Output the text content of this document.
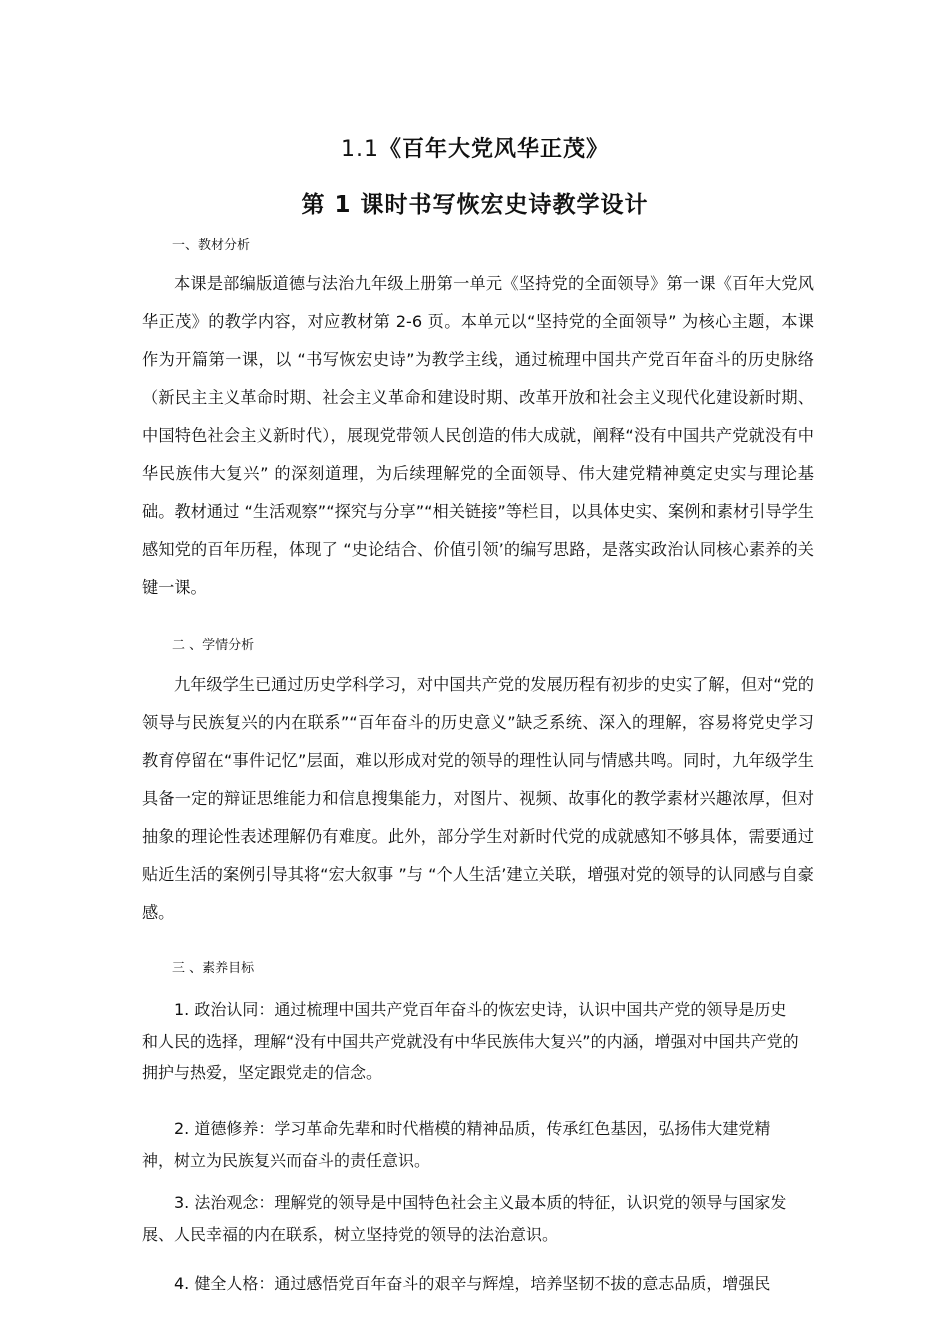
1.1《百年大党风华正茂》
第 1 课时书写恢宏史诗教学设计
一、教材分析

本课是部编版道德与法治九年级上册第一单元《坚持党的全面领导》第一课《百年大党风华正茂》的教学内容，对应教材第 2-6 页。本单元以“坚持党的全面领导” 为核心主题，本课作为开篇第一课，以 “书写恢宏史诗”为教学主线，通过梳理中国共产党百年奋斗的历史脉络（新民主主义革命时期、社会主义革命和建设时期、改革开放和社会主义现代化建设新时期、中国特色社会主义新时代），展现党带领人民创造的伟大成就，阐释“没有中国共产党就没有中华民族伟大复兴” 的深刻道理，为后续理解党的全面领导、伟大建党精神奠定史实与理论基础。教材通过 “生活观察”“探究与分享”“相关链接”等栏目，以具体史实、案例和素材引导学生感知党的百年历程，体现了 “史论结合、价值引领’的编写思路，是落实政治认同核心素养的关键一课。

二 、学情分析

九年级学生已通过历史学科学习，对中国共产党的发展历程有初步的史实了解，但对“党的领导与民族复兴的内在联系”“百年奋斗的历史意义”缺乏系统、深入的理解，容易将党史学习教育停留在“事件记忆”层面，难以形成对党的领导的理性认同与情感共鸣。同时，九年级学生具备一定的辩证思维能力和信息搜集能力，对图片、视频、故事化的教学素材兴趣浓厚，但对抽象的理论性表述理解仍有难度。此外，部分学生对新时代党的成就感知不够具体，需要通过贴近生活的案例引导其将“宏大叙事 ”与 “个人生活’建立关联，增强对党的领导的认同感与自豪感。

三 、素养目标

1. 政治认同：通过梳理中国共产党百年奋斗的恢宏史诗，认识中国共产党的领导是历史和人民的选择，理解“没有中国共产党就没有中华民族伟大复兴”的内涵，增强对中国共产党的拥护与热爱，坚定跟党走的信念。

2. 道德修养：学习革命先辈和时代楷模的精神品质，传承红色基因，弘扬伟大建党精神，树立为民族复兴而奋斗的责任意识。

3. 法治观念：理解党的领导是中国特色社会主义最本质的特征，认识党的领导与国家发展、人民幸福的内在联系，树立坚持党的领导的法治意识。

4. 健全人格：通过感悟党百年奋斗的艰辛与辉煌，培养坚韧不拔的意志品质，增强民
